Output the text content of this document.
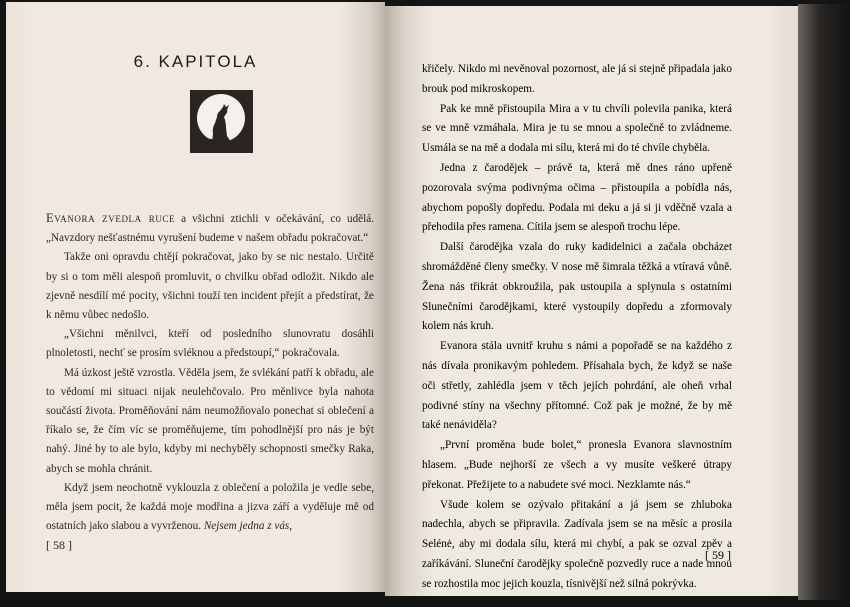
6. KAPITOLA

Evanora zvedla ruce a všichni ztichli v očekávání, co udělá. „Navzdory nešťastnému vyrušení budeme v našem obřadu pokračovat.“

Takže oni opravdu chtějí pokračovat, jako by se nic nestalo. Určitě by si o tom měli alespoň promluvit, o chvilku obřad odložit. Nikdo ale zjevně nesdílí mé pocity, všichni touží ten incident přejít a předstírat, že k němu vůbec nedošlo.

„Všichni měnilvci, kteří od posledního slunovratu dosáhli plnoletosti, nechť se prosím svléknou a předstoupí,“ pokračovala.

Má úzkost ještě vzrostla. Věděla jsem, že svlékání patří k obřadu, ale to vědomí mi situaci nijak neulehčovalo. Pro měnlivce byla nahota součástí života. Proměňování nám neumožňovalo ponechat si oblečení a říkalo se, že čím víc se proměňujeme, tím pohodlnější pro nás je být nahý. Jiné by to ale bylo, kdyby mi nechyběly schopnosti smečky Raka, abych se mohla chránit.

Když jsem neochotně vyklouzla z oblečení a položila je vedle sebe, měla jsem pocit, že každá moje modřina a jizva září a vyděluje mě od ostatních jako slabou a vyvrženou. Nejsem jedna z vás,

[ 58 ]

křičely. Nikdo mi nevěnoval pozornost, ale já si stejně připadala jako brouk pod mikroskopem.

Pak ke mně přistoupila Mira a v tu chvíli polevila panika, která se ve mně vzmáhala. Mira je tu se mnou a společně to zvládneme. Usmála se na mě a dodala mi sílu, která mi do té chvíle chyběla.

Jedna z čarodějek – právě ta, která mě dnes ráno upřeně pozorovala svýma podivnýma očima – přistoupila a pobídla nás, abychom popošly dopředu. Podala mi deku a já si ji vděčně vzala a přehodila přes ramena. Cítila jsem se alespoň trochu lépe.

Další čarodějka vzala do ruky kadidelnici a začala obcházet shromážděné členy smečky. V nose mě šimrala těžká a vtíravá vůně. Žena nás třikrát obkroužila, pak ustoupila a splynula s ostatními Slunečními čarodějkami, které vystoupily dopředu a zformovaly kolem nás kruh.

Evanora stála uvnitř kruhu s námi a popořadě se na každého z nás dívala pronikavým pohledem. Přísahala bych, že když se naše oči střetly, zahlédla jsem v těch jejích pohrdání, ale oheň vrhal podivné stíny na všechny přítomné. Což pak je možné, že by mě také nenáviděla?

„První proměna bude bolet,“ pronesla Evanora slavnostním hlasem. „Bude nejhorší ze všech a vy musíte veškeré útrapy překonat. Přežijete to a nabudete své moci. Nezklamte nás.“

Všude kolem se ozývalo přitakání a já jsem se zhluboka nadechla, abych se připravila. Zadívala jsem se na měsíc a prosila Selénė, aby mi dodala sílu, která mi chybí, a pak se ozval zpěv a zaříkávání. Sluneční čarodějky společně pozvedly ruce a nade mnou se rozhostila moc jejich kouzla, tísnivější než silná pokrývka.

[ 59 ]
